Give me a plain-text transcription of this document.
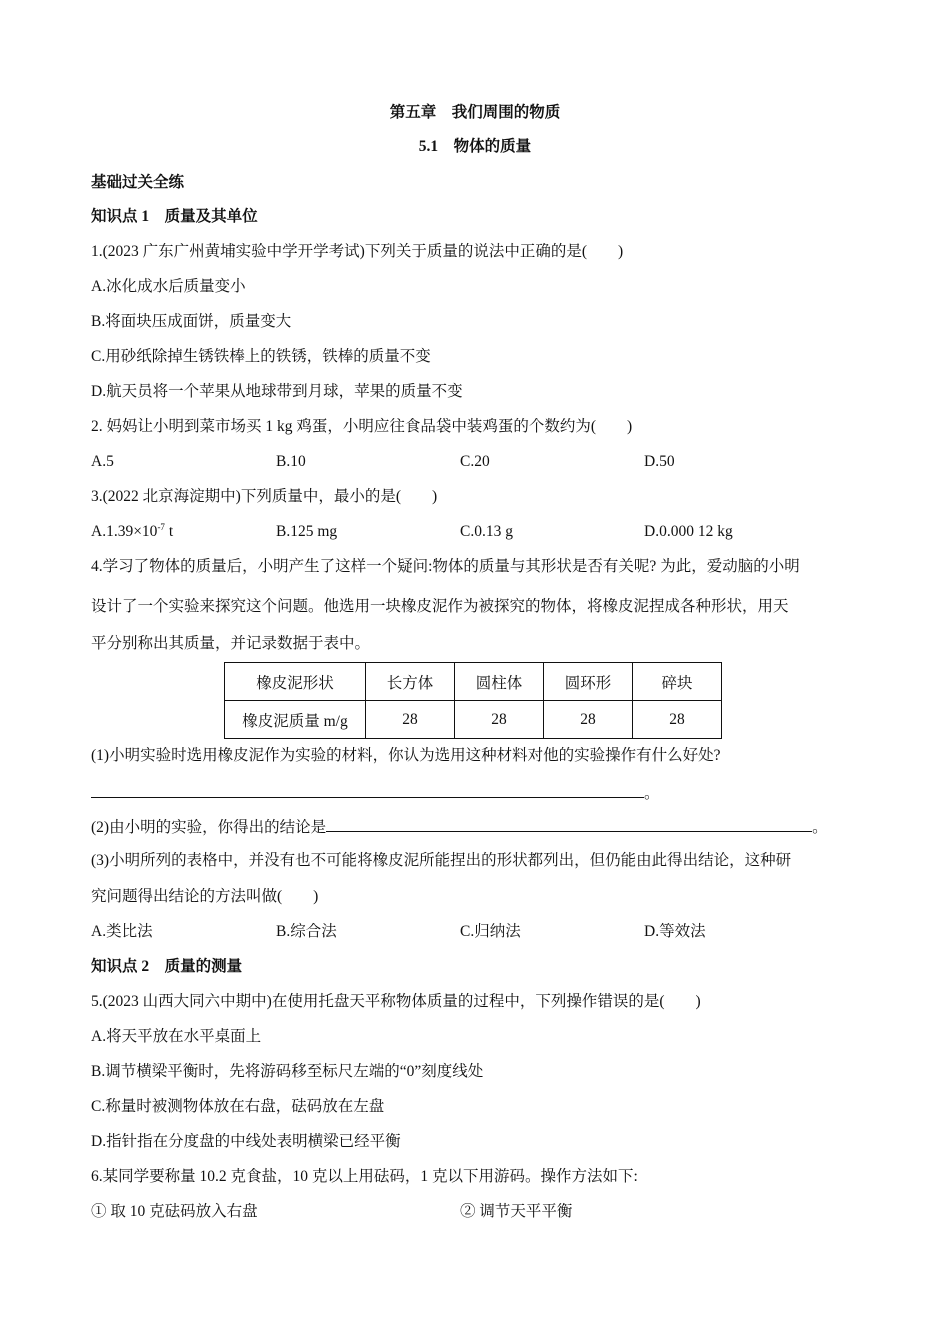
第五章　我们周围的物质
5.1　物体的质量
基础过关全练
知识点 1　质量及其单位
1.(2023 广东广州黄埔实验中学开学考试)下列关于质量的说法中正确的是(　　)
A.冰化成水后质量变小
B.将面块压成面饼，质量变大
C.用砂纸除掉生锈铁棒上的铁锈，铁棒的质量不变
D.航天员将一个苹果从地球带到月球，苹果的质量不变
2. 妈妈让小明到菜市场买 1 kg 鸡蛋，小明应往食品袋中装鸡蛋的个数约为(　　)
A.5	B.10	C.20	D.50
3.(2022 北京海淀期中)下列质量中，最小的是(　　)
$A.1.39\times 10^{-7}$ t	B.125 mg	C.0.13 g	D.0.000 12 kg
4.学习了物体的质量后，小明产生了这样一个疑问:物体的质量与其形状是否有关呢? 为此，爱动脑的小明
设计了一个实验来探究这个问题。他选用一块橡皮泥作为被探究的物体，将橡皮泥捏成各种形状，用天
平分别称出其质量，并记录数据于表中。
橡皮泥形状	长方体	圆柱体	圆环形	碎块
橡皮泥质量 m/g	28	28	28	28
(1)小明实验时选用橡皮泥作为实验的材料，你认为选用这种材料对他的实验操作有什么好处?
。
(2)由小明的实验，你得出的结论是	。
(3)小明所列的表格中，并没有也不可能将橡皮泥所能捏出的形状都列出，但仍能由此得出结论，这种研
究问题得出结论的方法叫做(　　)
A.类比法	B.综合法	C.归纳法	D.等效法
知识点 2　质量的测量
5.(2023 山西大同六中期中)在使用托盘天平称物体质量的过程中，下列操作错误的是(　　)
A.将天平放在水平桌面上
B.调节横梁平衡时，先将游码移至标尺左端的“0”刻度线处
C.称量时被测物体放在右盘，砝码放在左盘
D.指针指在分度盘的中线处表明横梁已经平衡
6.某同学要称量 10.2 克食盐，10 克以上用砝码，1 克以下用游码。操作方法如下:
① 取 10 克砝码放入右盘	② 调节天平平衡
